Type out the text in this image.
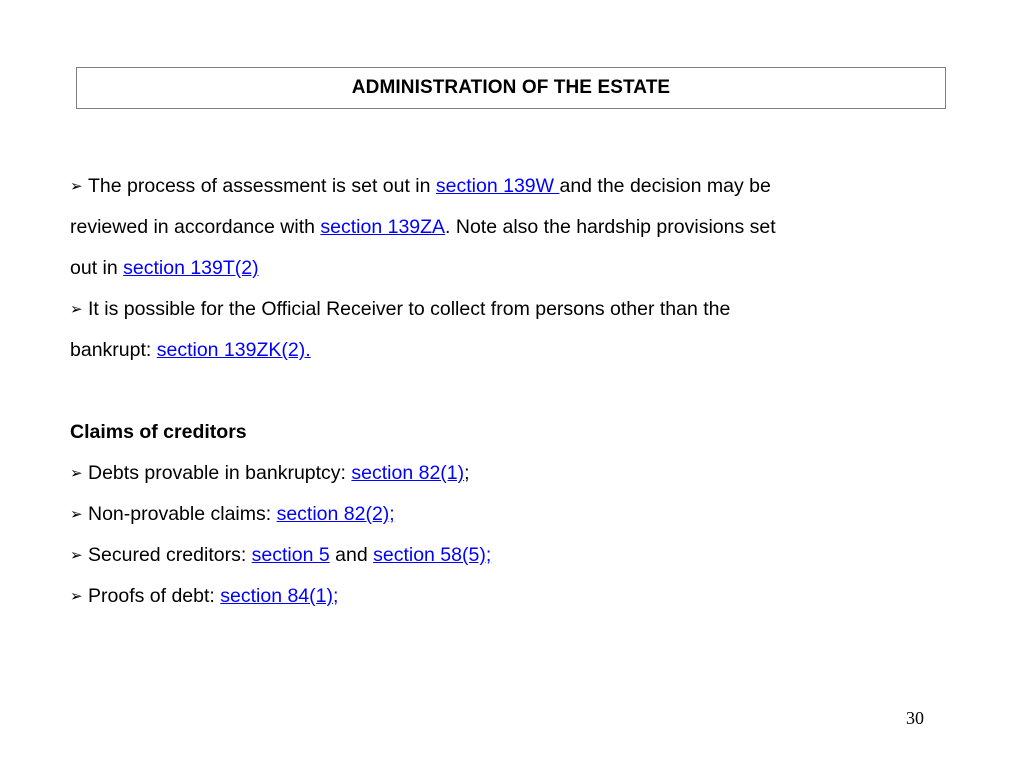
ADMINISTRATION OF THE ESTATE
➢ The process of assessment is set out in section 139W and the decision may be
reviewed in accordance with section 139ZA. Note also the hardship provisions set
out in section 139T(2)
➢ It is possible for the Official Receiver to collect from persons other than the
bankrupt: section 139ZK(2).
Claims of creditors
➢ Debts provable in bankruptcy: section 82(1);
➢ Non-provable claims: section 82(2);
➢ Secured creditors: section 5 and section 58(5);
➢ Proofs of debt: section 84(1);
30
